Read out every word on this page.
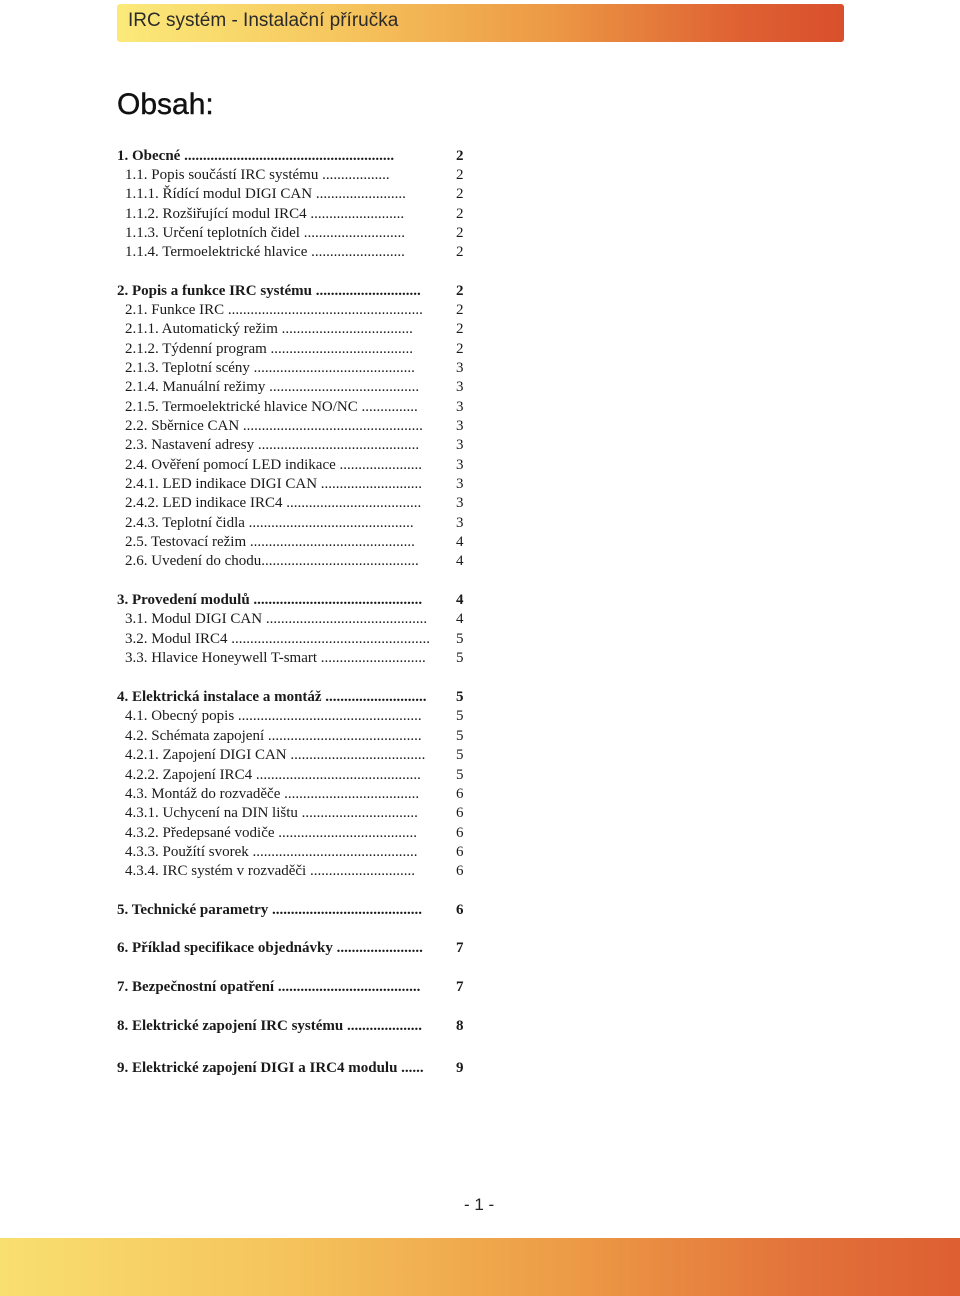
IRC systém - Instalační příručka
Obsah:
1. Obecné ........................................................	2
1.1. Popis součástí IRC systému ..................	2
1.1.1. Řídící modul DIGI CAN ........................	2
1.1.2. Rozšiřující modul IRC4 .........................	2
1.1.3. Určení teplotních čidel ...........................	2
1.1.4. Termoelektrické hlavice .........................	2
2. Popis a funkce IRC systému ............................ 2
2.1. Funkce IRC .................................................... 2
2.1.1. Automatický režim ...................................	2
2.1.2. Týdenní program ......................................	2
2.1.3. Teplotní scény ...........................................	3
2.1.4. Manuální režimy ........................................ 3
2.1.5. Termoelektrické hlavice NO/NC ...............	3
2.2. Sběrnice CAN ................................................ 3
2.3. Nastavení adresy ........................................... 3
2.4. Ověření pomocí LED indikace ...................... 3
2.4.1. LED indikace DIGI CAN ........................... 3
2.4.2. LED indikace IRC4 .................................... 3
2.4.3. Teplotní čidla ............................................	3
2.5. Testovací režim ............................................	4
2.6. Uvedení do chodu.......................................... 4
3. Provedení modulů ............................................. 4
3.1. Modul DIGI CAN ........................................... 4
3.2. Modul IRC4 ..................................................... 5
3.3. Hlavice Honeywell T-smart ............................ 5
4. Elektrická instalace a montáž ........................... 5
4.1. Obecný popis ................................................. 5
4.2. Schémata zapojení ......................................... 5
4.2.1. Zapojení DIGI CAN .................................... 5
4.2.2. Zapojení IRC4 ............................................ 5
4.3. Montáž do rozvaděče .................................... 6
4.3.1. Uchycení na DIN lištu ...............................	6
4.3.2. Předepsané vodiče .....................................	6
4.3.3. Použítí svorek ............................................	6
4.3.4. IRC systém v rozvaděči ............................	6
5. Technické parametry ........................................ 6
6. Příklad specifikace objednávky ....................... 7
7. Bezpečnostní opatření ...................................... 7
8. Elektrické zapojení IRC systému .................... 8
9. Elektrické zapojení DIGI a IRC4 modulu ...... 9
- 1 -
